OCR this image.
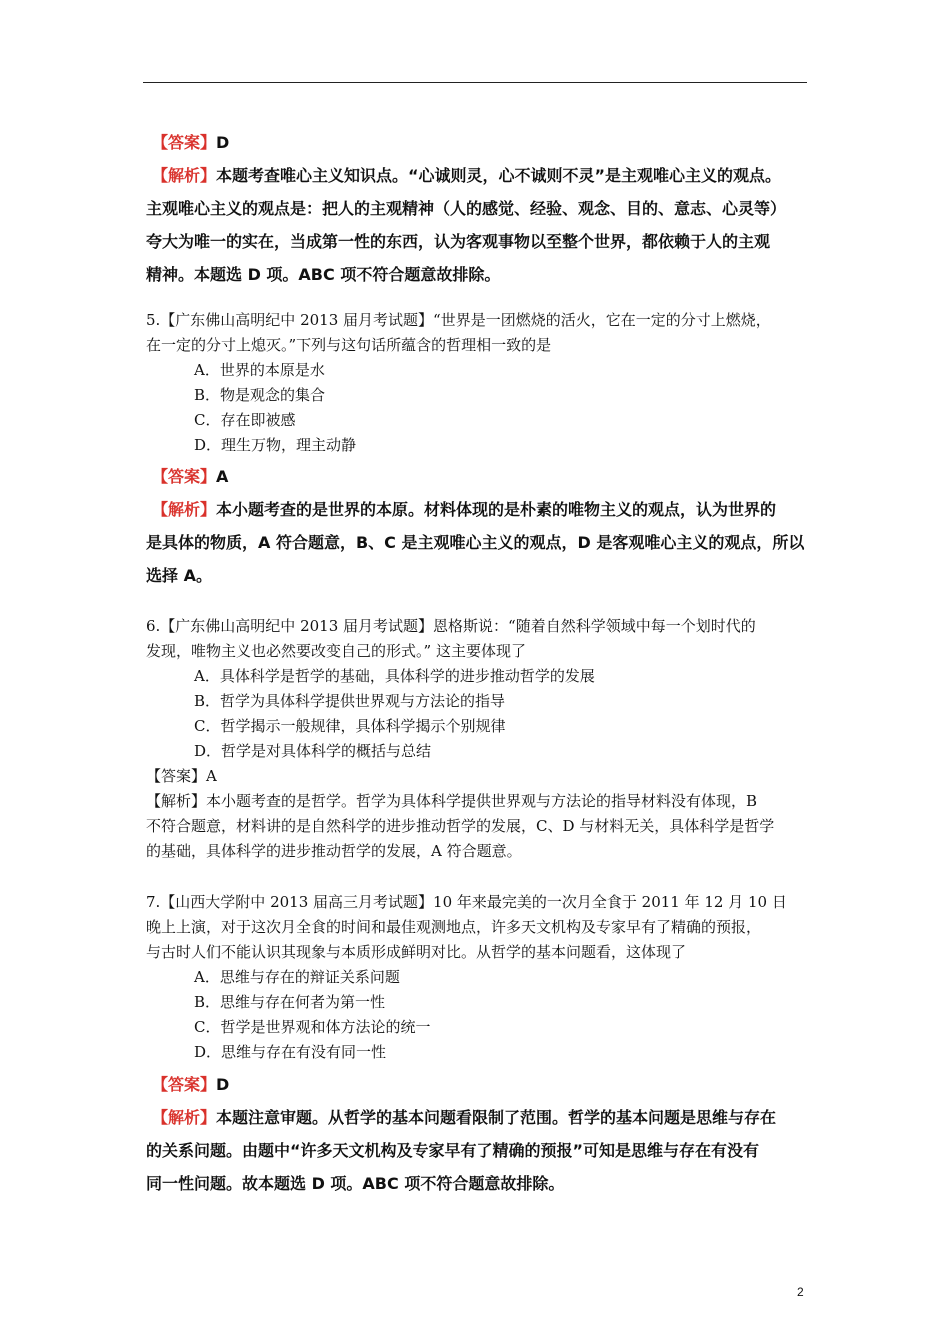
【答案】D
【解析】本题考查唯心主义知识点。“心诚则灵，心不诚则不灵”是主观唯心主义的观点。
主观唯心主义的观点是：把人的主观精神（人的感觉、经验、观念、目的、意志、心灵等）
夸大为唯一的实在，当成第一性的东西，认为客观事物以至整个世界，都依赖于人的主观
精神。本题选 D 项。ABC 项不符合题意故排除。
5.【广东佛山高明纪中 2013 届月考试题】“世界是一团燃烧的活火，它在一定的分寸上燃烧，
在一定的分寸上熄灭。”下列与这句话所蕴含的哲理相一致的是
A．世界的本原是水
B．物是观念的集合
C．存在即被感
D．理生万物，理主动静
【答案】A
【解析】本小题考查的是世界的本原。材料体现的是朴素的唯物主义的观点，认为世界的
是具体的物质，A 符合题意，B、C 是主观唯心主义的观点，D 是客观唯心主义的观点，所以
选择 A。
6.【广东佛山高明纪中 2013 届月考试题】恩格斯说：“随着自然科学领域中每一个划时代的
发现，唯物主义也必然要改变自己的形式。” 这主要体现了
A．具体科学是哲学的基础，具体科学的进步推动哲学的发展
B．哲学为具体科学提供世界观与方法论的指导
C．哲学揭示一般规律，具体科学揭示个别规律
D．哲学是对具体科学的概括与总结
【答案】A
【解析】本小题考查的是哲学。哲学为具体科学提供世界观与方法论的指导材料没有体现，B
不符合题意，材料讲的是自然科学的进步推动哲学的发展，C、D 与材料无关，具体科学是哲学
的基础，具体科学的进步推动哲学的发展，A 符合题意。
7.【山西大学附中 2013 届高三月考试题】10 年来最完美的一次月全食于 2011 年 12 月 10 日
晚上上演，对于这次月全食的时间和最佳观测地点，许多天文机构及专家早有了精确的预报，
与古时人们不能认识其现象与本质形成鲜明对比。从哲学的基本问题看，这体现了
A．思维与存在的辩证关系问题
B．思维与存在何者为第一性
C．哲学是世界观和体方法论的统一
D．思维与存在有没有同一性
【答案】D
【解析】本题注意审题。从哲学的基本问题看限制了范围。哲学的基本问题是思维与存在
的关系问题。由题中“许多天文机构及专家早有了精确的预报”可知是思维与存在有没有
同一性问题。故本题选 D 项。ABC 项不符合题意故排除。
2
